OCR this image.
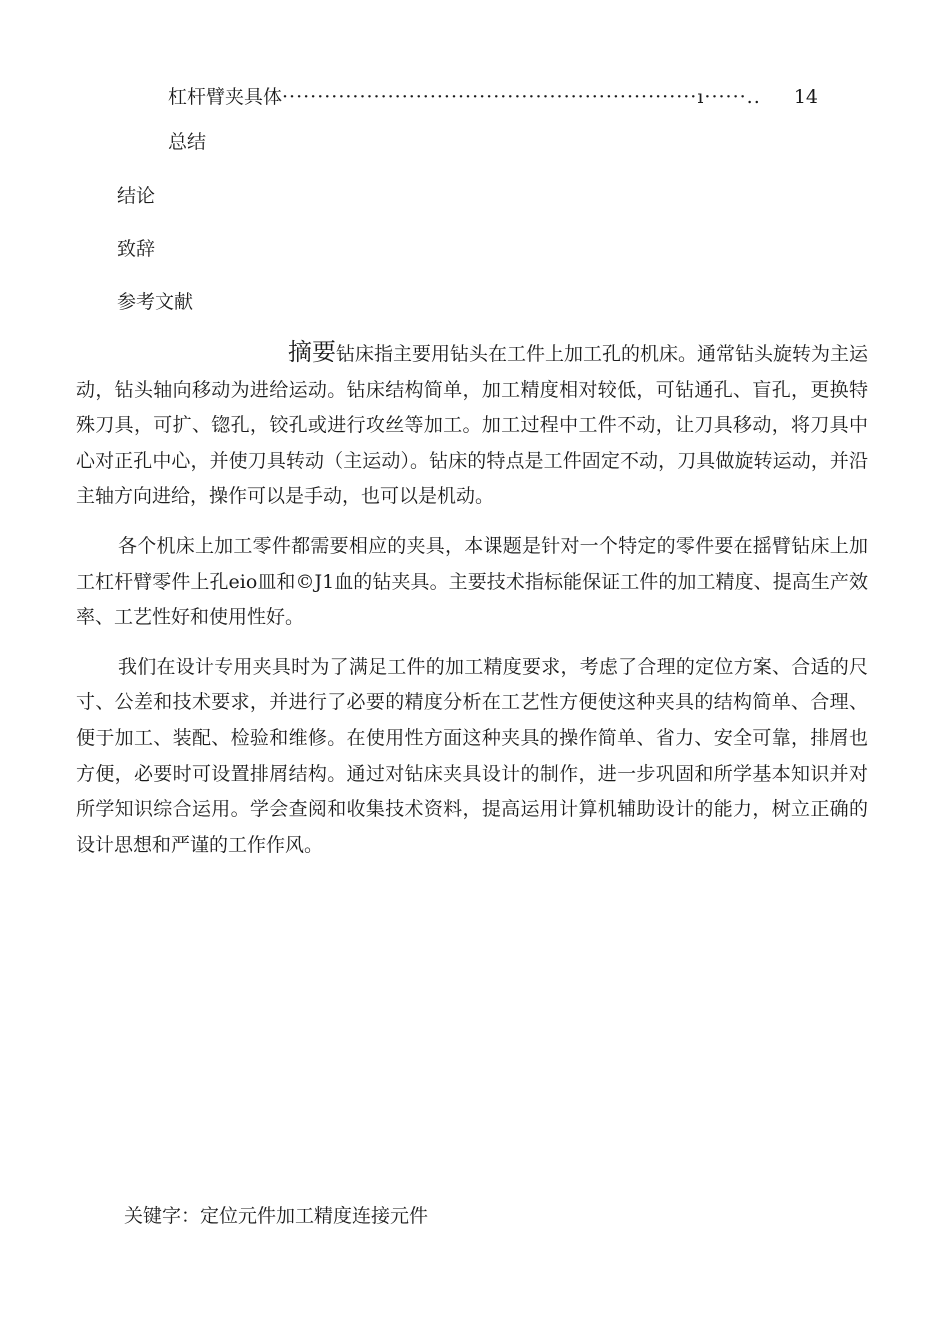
杠杆臂夹具体 ···························································ı······..	14
总结
结论
致辞
参考文献

摘要钻床指主要用钻头在工件上加工孔的机床。通常钻头旋转为主运动，钻头轴向移动为进给运动。钻床结构简单，加工精度相对较低，可钻通孔、盲孔，更换特殊刀具，可扩、锪孔，铰孔或进行攻丝等加工。加工过程中工件不动，让刀具移动，将刀具中心对正孔中心，并使刀具转动（主运动）。钻床的特点是工件固定不动，刀具做旋转运动，并沿主轴方向进给，操作可以是手动，也可以是机动。

各个机床上加工零件都需要相应的夹具，本课题是针对一个特定的零件要在摇臂钻床上加工杠杆臂零件上孔eio皿和©J1血的钻夹具。主要技术指标能保证工件的加工精度、提高生产效率、工艺性好和使用性好。

我们在设计专用夹具时为了满足工件的加工精度要求，考虑了合理的定位方案、合适的尺寸、公差和技术要求，并进行了必要的精度分析在工艺性方便使这种夹具的结构简单、合理、便于加工、装配、检验和维修。在使用性方面这种夹具的操作简单、省力、安全可靠，排屑也方便，必要时可设置排屑结构。通过对钻床夹具设计的制作，进一步巩固和所学基本知识并对所学知识综合运用。学会查阅和收集技术资料，提高运用计算机辅助设计的能力，树立正确的设计思想和严谨的工作作风。

关键字：定位元件加工精度连接元件
